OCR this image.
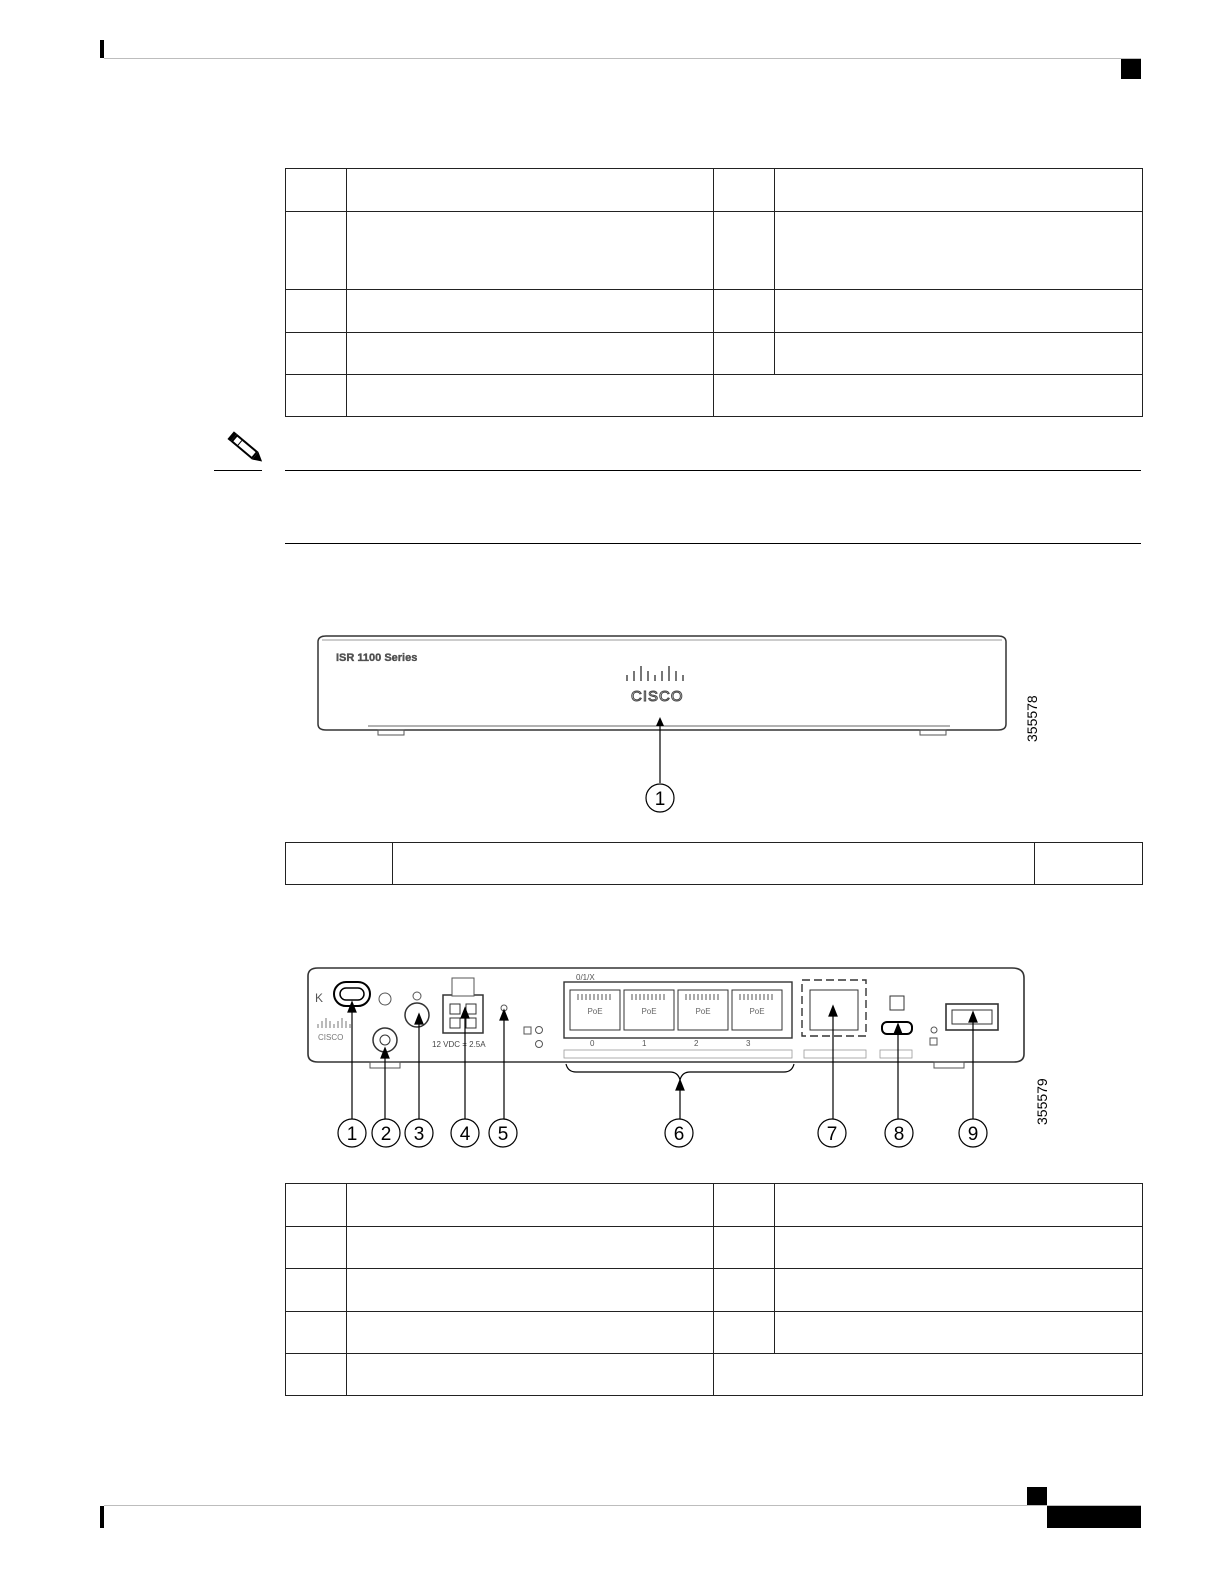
ISR 1100 Series
CISCO
1
355578

K
CISCO
12 VDC = 2.5A
0/1/X
PoE	PoE	PoE	PoE
0	1	2	3
1 2 3 4 5	6	7	8	9
355579
